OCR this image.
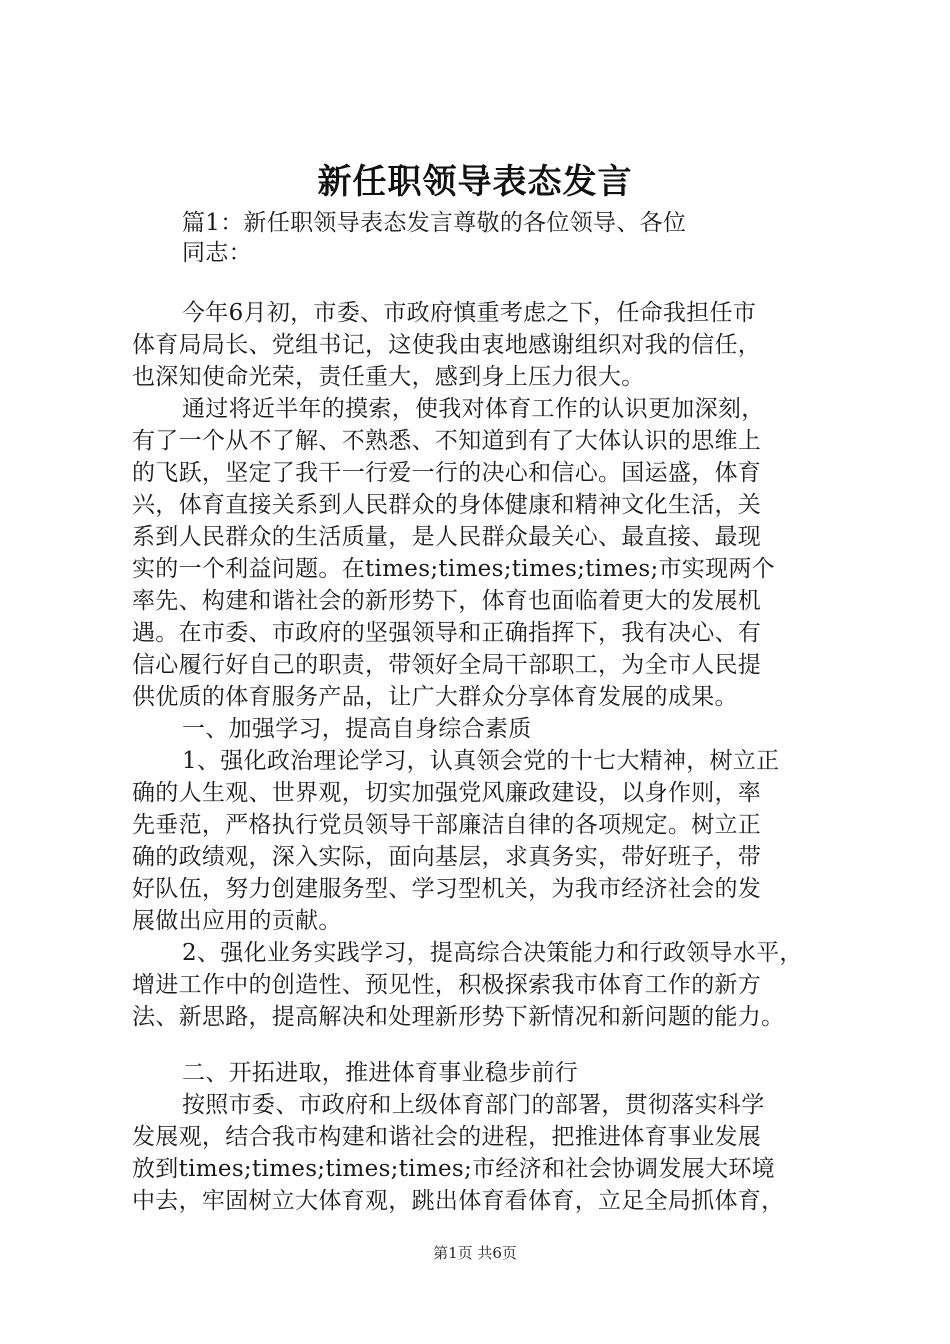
新任职领导表态发言
篇1：新任职领导表态发言尊敬的各位领导、各位
同志：
今年6月初，市委、市政府慎重考虑之下，任命我担任市
体育局局长、党组书记，这使我由衷地感谢组织对我的信任，
也深知使命光荣，责任重大，感到身上压力很大。
通过将近半年的摸索，使我对体育工作的认识更加深刻，
有了一个从不了解、不熟悉、不知道到有了大体认识的思维上
的飞跃，坚定了我干一行爱一行的决心和信心。国运盛，体育
兴，体育直接关系到人民群众的身体健康和精神文化生活，关
系到人民群众的生活质量，是人民群众最关心、最直接、最现
实的一个利益问题。在times;times;times;times;市实现两个
率先、构建和谐社会的新形势下，体育也面临着更大的发展机
遇。在市委、市政府的坚强领导和正确指挥下，我有决心、有
信心履行好自己的职责，带领好全局干部职工，为全市人民提
供优质的体育服务产品，让广大群众分享体育发展的成果。
一、加强学习，提高自身综合素质
1、强化政治理论学习，认真领会党的十七大精神，树立正
确的人生观、世界观，切实加强党风廉政建设，以身作则，率
先垂范，严格执行党员领导干部廉洁自律的各项规定。树立正
确的政绩观，深入实际，面向基层，求真务实，带好班子，带
好队伍，努力创建服务型、学习型机关，为我市经济社会的发
展做出应用的贡献。
2、强化业务实践学习，提高综合决策能力和行政领导水平，
增进工作中的创造性、预见性，积极探索我市体育工作的新方
法、新思路，提高解决和处理新形势下新情况和新问题的能力。
二、开拓进取，推进体育事业稳步前行
按照市委、市政府和上级体育部门的部署，贯彻落实科学
发展观，结合我市构建和谐社会的进程，把推进体育事业发展
放到times;times;times;times;市经济和社会协调发展大环境
中去，牢固树立大体育观，跳出体育看体育，立足全局抓体育，
第1页 共6页
